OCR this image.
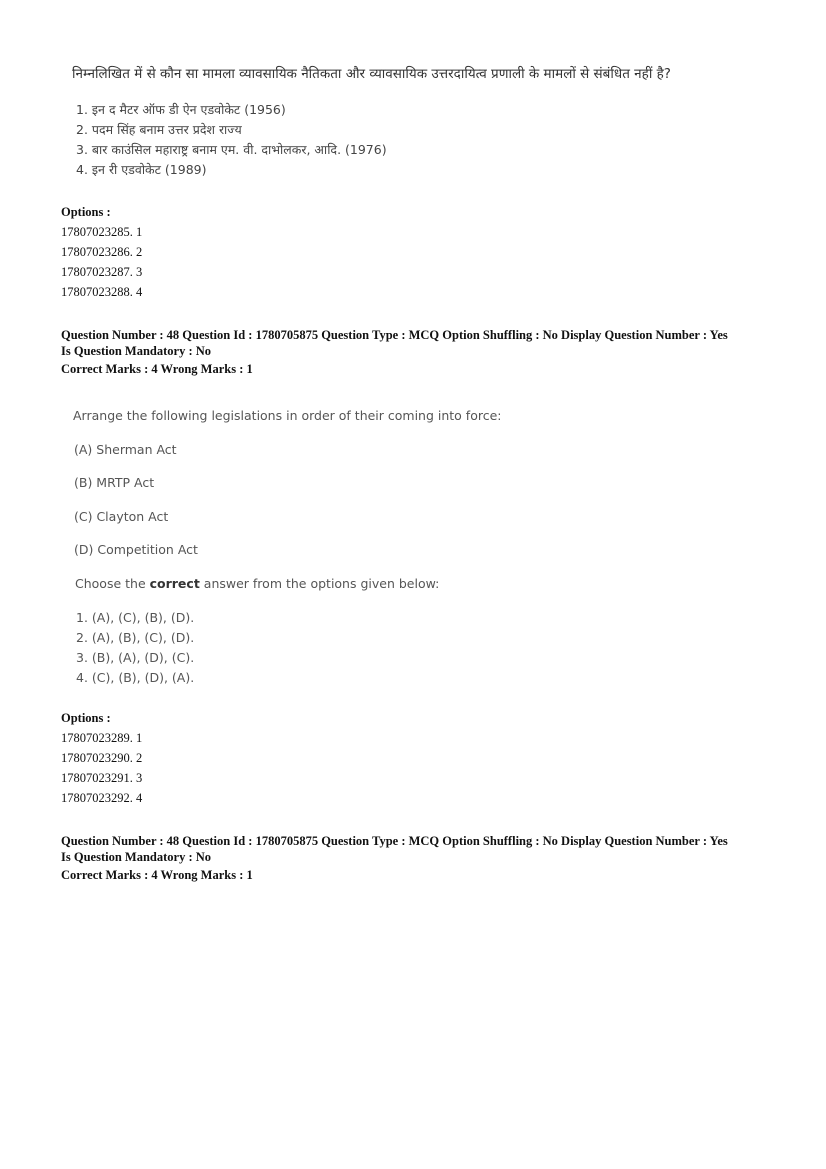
निम्नलिखित में से कौन सा मामला व्यावसायिक नैतिकता और व्यावसायिक उत्तरदायित्व प्रणाली के मामलों से संबंधित नहीं है?
1. इन द मैटर ऑफ डी ऐन एडवोकेट (1956)
2. पदम सिंह बनाम उत्तर प्रदेश राज्य
3. बार काउंसिल महाराष्ट्र बनाम एम. वी. दाभोलकर, आदि. (1976)
4. इन री एडवोकेट (1989)
Options :
17807023285. 1
17807023286. 2
17807023287. 3
17807023288. 4
Question Number : 48 Question Id : 1780705875 Question Type : MCQ Option Shuffling : No Display Question Number : Yes
Is Question Mandatory : No
Correct Marks : 4 Wrong Marks : 1
Arrange the following legislations in order of their coming into force:
(A) Sherman Act
(B) MRTP Act
(C) Clayton Act
(D) Competition Act
Choose the correct answer from the options given below:
1. (A), (C), (B), (D).
2. (A), (B), (C), (D).
3. (B), (A), (D), (C).
4. (C), (B), (D), (A).
Options :
17807023289. 1
17807023290. 2
17807023291. 3
17807023292. 4
Question Number : 48 Question Id : 1780705875 Question Type : MCQ Option Shuffling : No Display Question Number : Yes
Is Question Mandatory : No
Correct Marks : 4 Wrong Marks : 1
